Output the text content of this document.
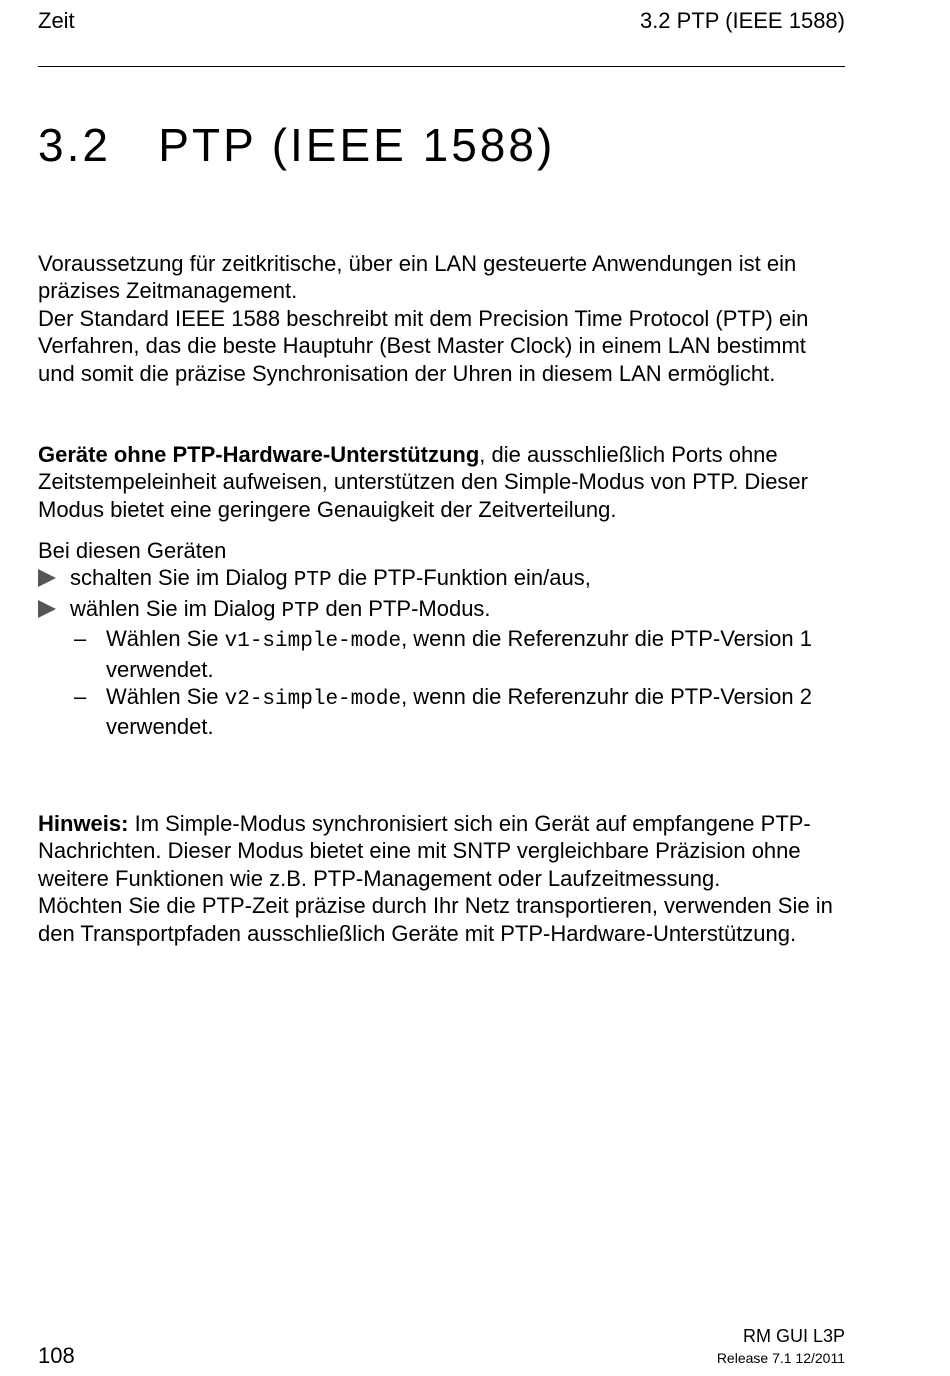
Zeit	3.2 PTP (IEEE 1588)
3.2 PTP (IEEE 1588)

Voraussetzung für zeitkritische, über ein LAN gesteuerte Anwendungen ist ein präzises Zeitmanagement.

Der Standard IEEE 1588 beschreibt mit dem Precision Time Protocol (PTP) ein Verfahren, das die beste Hauptuhr (Best Master Clock) in einem LAN bestimmt und somit die präzise Synchronisation der Uhren in diesem LAN ermöglicht.

Geräte ohne PTP-Hardware-Unterstützung, die ausschließlich Ports ohne Zeitstempeleinheit aufweisen, unterstützen den Simple-Modus von PTP. Dieser Modus bietet eine geringere Genauigkeit der Zeitverteilung.

Bei diesen Geräten

schalten Sie im Dialog PTP die PTP-Funktion ein/aus,

wählen Sie im Dialog PTP den PTP-Modus.

– Wählen Sie v1-simple-mode, wenn die Referenzuhr die PTP-Version 1 verwendet.
– Wählen Sie v2-simple-mode, wenn die Referenzuhr die PTP-Version 2 verwendet.

Hinweis: Im Simple-Modus synchronisiert sich ein Gerät auf empfangene PTP-Nachrichten. Dieser Modus bietet eine mit SNTP vergleichbare Präzision ohne weitere Funktionen wie z.B. PTP-Management oder Laufzeitmessung.

Möchten Sie die PTP-Zeit präzise durch Ihr Netz transportieren, verwenden Sie in den Transportpfaden ausschließlich Geräte mit PTP-Hardware-Unterstützung.

108
RM GUI L3P
Release 7.1 12/2011
